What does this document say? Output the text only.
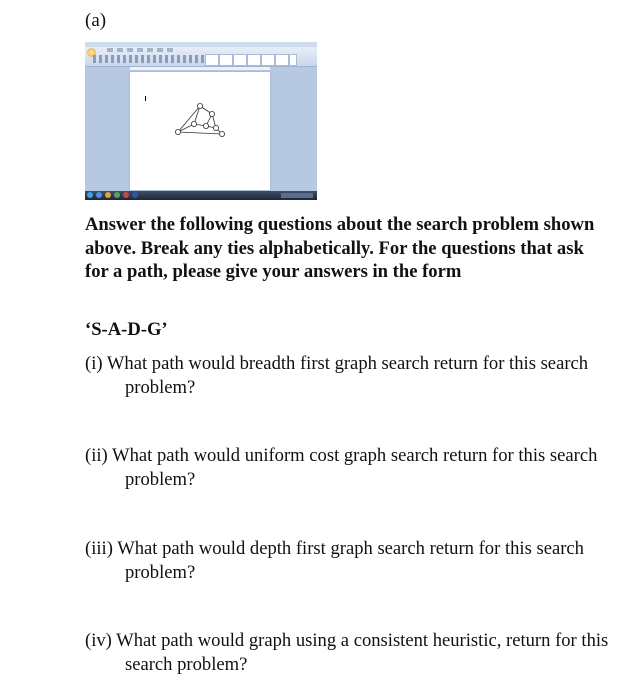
(a)

Answer the following questions about the search problem shown above. Break any ties alphabetically. For the questions that ask for a path, please give your answers in the form

‘S-A-D-G’

(i) What path would breadth first graph search return for this search problem?

(ii) What path would uniform cost graph search return for this search problem?

(iii) What path would depth first graph search return for this search problem?

(iv) What path would graph using a consistent heuristic, return for this search problem?
